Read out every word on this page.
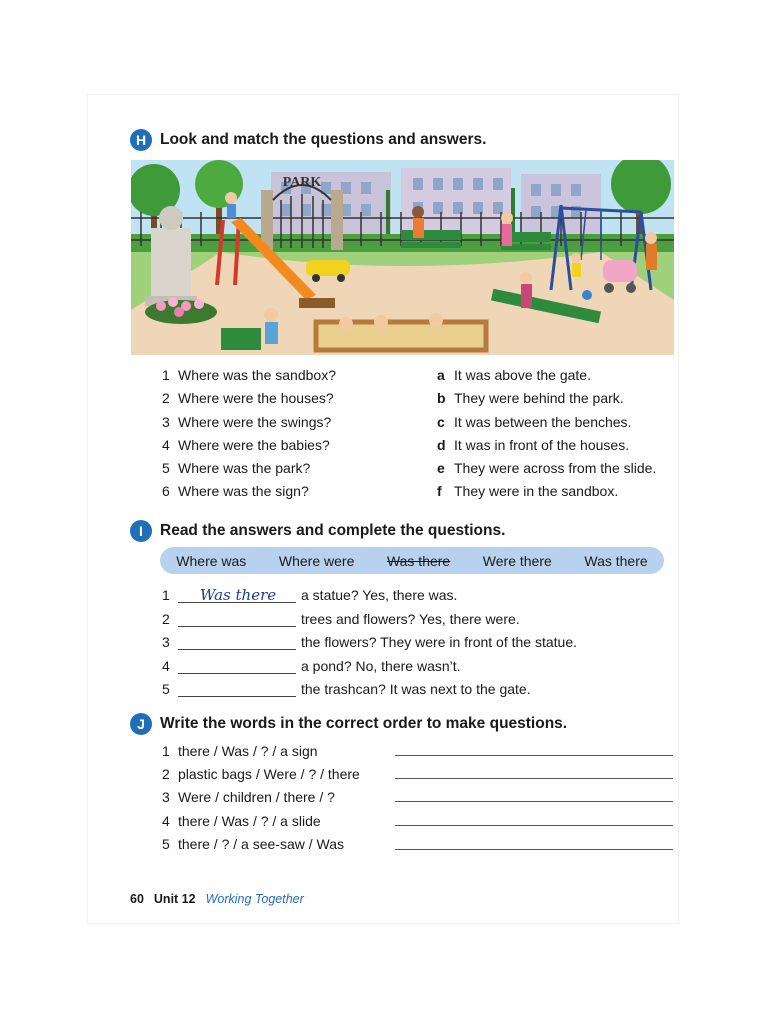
H Look and match the questions and answers.
PARK
1 Where was the sandbox?
2 Where were the houses?
3 Where were the swings?
4 Where were the babies?
5 Where was the park?
6 Where was the sign?
a It was above the gate.
b They were behind the park.
c It was between the benches.
d It was in front of the houses.
e They were across from the slide.
f They were in the sandbox.
I	Read the answers and complete the questions.
Where was Where were Was there Were there Was there
1	Was there a statue? Yes, there was.
2	trees and flowers? Yes, there were.
3	the flowers? They were in front of the statue.
4	a pond? No, there wasn’t.
5	the trashcan? It was next to the gate.
J Write the words in the correct order to make questions.
1 there / Was / ? / a sign
2 plastic bags / Were / ? / there
3 Were / children / there / ?
4 there / Was / ? / a slide
5 there / ? / a see-saw / Was
60 Unit 12 Working Together
